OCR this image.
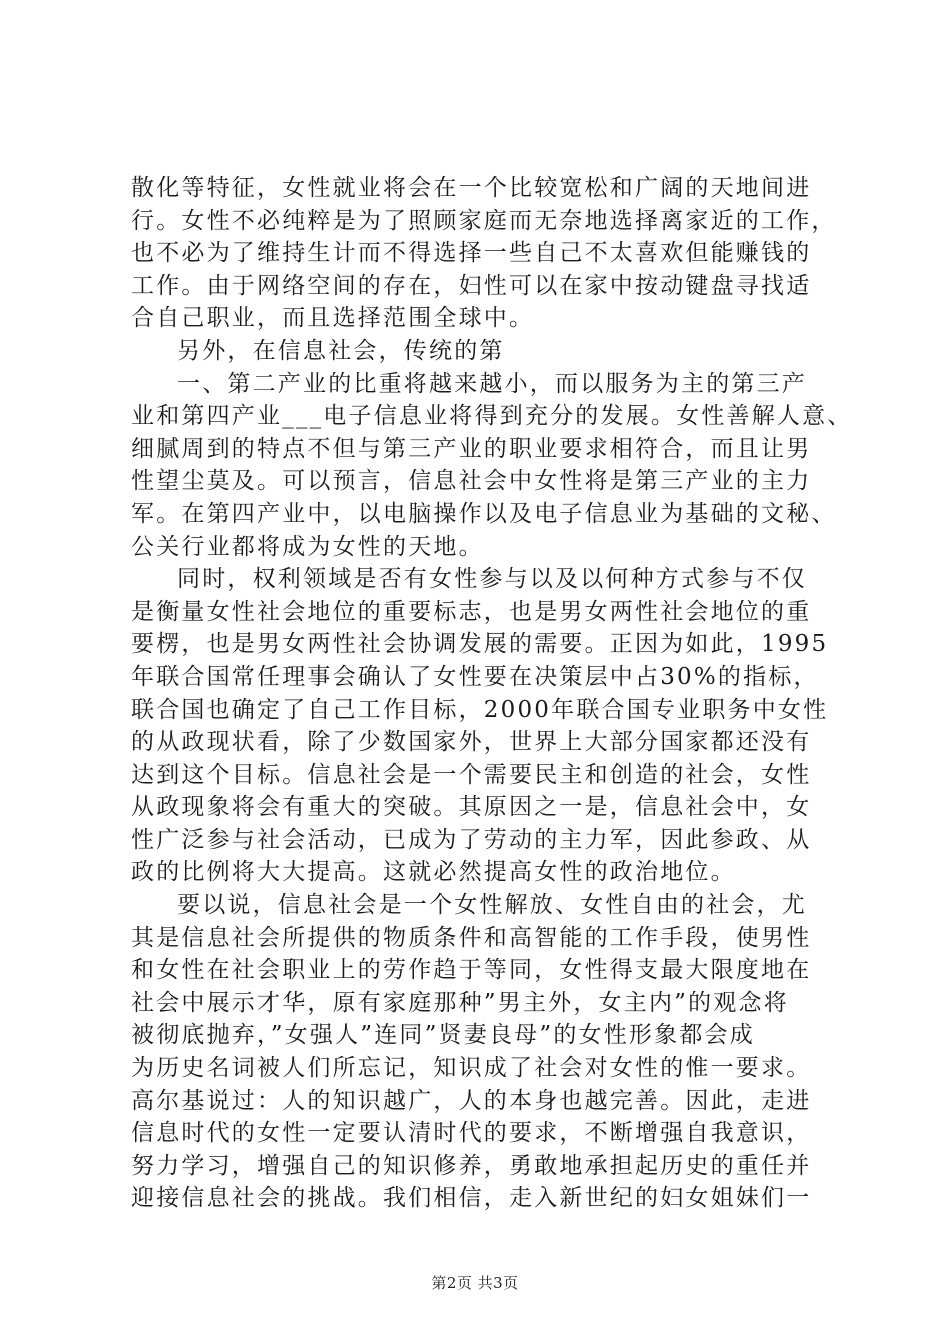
散化等特征，女性就业将会在一个比较宽松和广阔的天地间进
行。女性不必纯粹是为了照顾家庭而无奈地选择离家近的工作，
也不必为了维持生计而不得选择一些自己不太喜欢但能赚钱的
工作。由于网络空间的存在，妇性可以在家中按动键盘寻找适
合自己职业，而且选择范围全球中。
另外，在信息社会，传统的第
一、第二产业的比重将越来越小，而以服务为主的第三产
业和第四产业___电子信息业将得到充分的发展。女性善解人意、
细腻周到的特点不但与第三产业的职业要求相符合，而且让男
性望尘莫及。可以预言，信息社会中女性将是第三产业的主力
军。在第四产业中，以电脑操作以及电子信息业为基础的文秘、
公关行业都将成为女性的天地。
同时，权利领域是否有女性参与以及以何种方式参与不仅
是衡量女性社会地位的重要标志，也是男女两性社会地位的重
要楞，也是男女两性社会协调发展的需要。正因为如此，1995
年联合国常任理事会确认了女性要在决策层中占30%的指标，
联合国也确定了自己工作目标，2000年联合国专业职务中女性
的从政现状看，除了少数国家外，世界上大部分国家都还没有
达到这个目标。信息社会是一个需要民主和创造的社会，女性
从政现象将会有重大的突破。其原因之一是，信息社会中，女
性广泛参与社会活动，已成为了劳动的主力军，因此参政、从
政的比例将大大提高。这就必然提高女性的政治地位。
要以说，信息社会是一个女性解放、女性自由的社会，尤
其是信息社会所提供的物质条件和高智能的工作手段，使男性
和女性在社会职业上的劳作趋于等同，女性得支最大限度地在
社会中展示才华，原有家庭那种”男主外，女主内”的观念将
被彻底抛弃，”女强人”连同”贤妻良母”的女性形象都会成
为历史名词被人们所忘记，知识成了社会对女性的惟一要求。
高尔基说过：人的知识越广，人的本身也越完善。因此，走进
信息时代的女性一定要认清时代的要求，不断增强自我意识，
努力学习，增强自己的知识修养，勇敢地承担起历史的重任并
迎接信息社会的挑战。我们相信，走入新世纪的妇女姐妹们一
第2页 共3页
